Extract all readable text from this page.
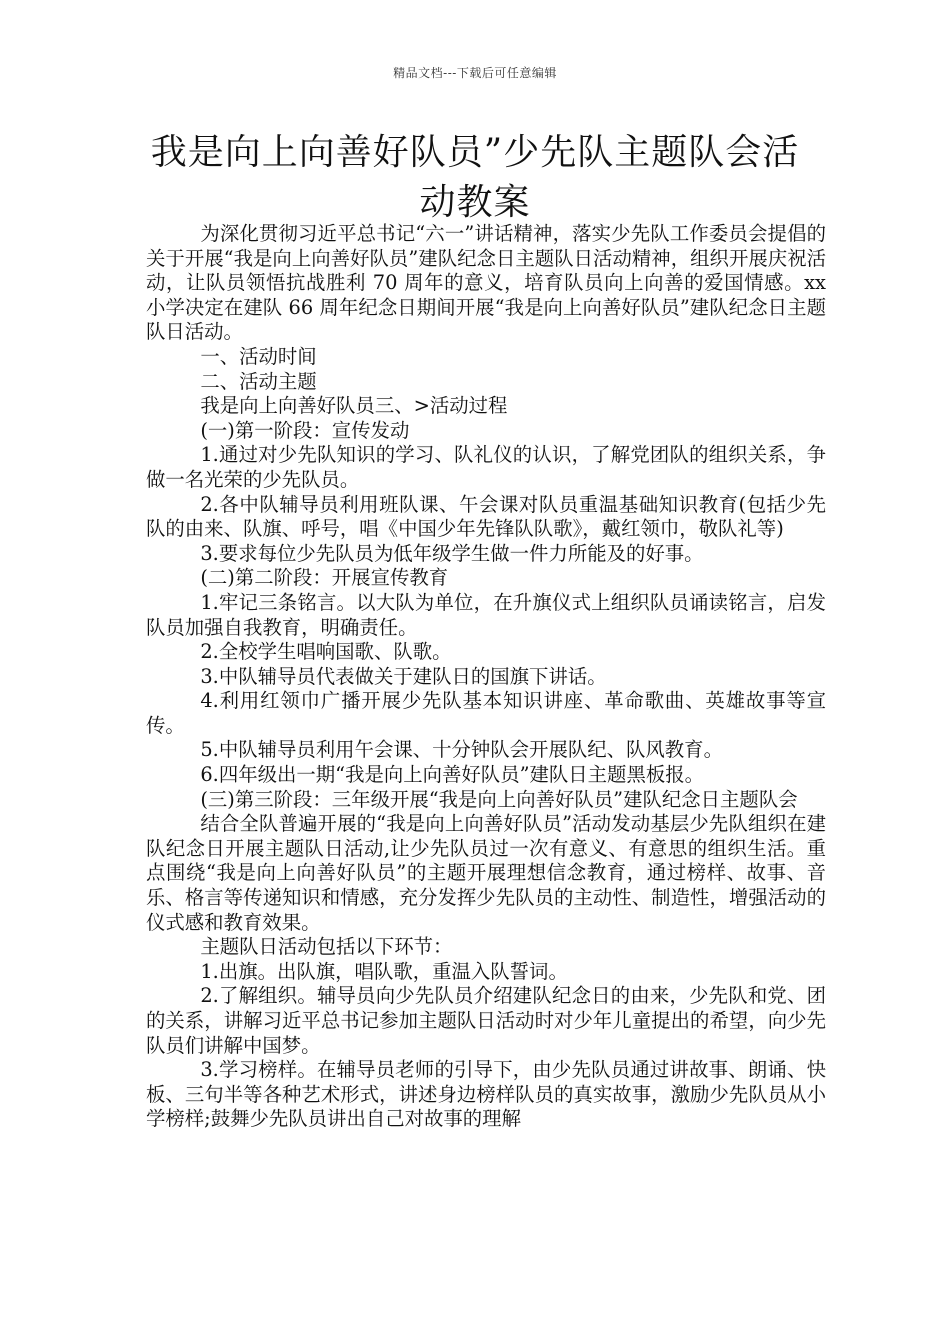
精品文档---下载后可任意编辑
我是向上向善好队员”少先队主题队会活动教案

为深化贯彻习近平总书记“六一”讲话精神，落实少先队工作委员会提倡的关于开展“我是向上向善好队员”建队纪念日主题队日活动精神，组织开展庆祝活动，让队员领悟抗战胜利 70 周年的意义，培育队员向上向善的爱国情感。xx 小学决定在建队 66 周年纪念日期间开展“我是向上向善好队员”建队纪念日主题队日活动。

一、活动时间

二、活动主题

我是向上向善好队员三、>活动过程

(一)第一阶段：宣传发动

1.通过对少先队知识的学习、队礼仪的认识，了解党团队的组织关系，争做一名光荣的少先队员。

2.各中队辅导员利用班队课、午会课对队员重温基础知识教育(包括少先队的由来、队旗、呼号，唱《中国少年先锋队队歌》，戴红领巾，敬队礼等)

3.要求每位少先队员为低年级学生做一件力所能及的好事。

(二)第二阶段：开展宣传教育

1.牢记三条铭言。以大队为单位，在升旗仪式上组织队员诵读铭言，启发队员加强自我教育，明确责任。

2.全校学生唱响国歌、队歌。

3.中队辅导员代表做关于建队日的国旗下讲话。

4.利用红领巾广播开展少先队基本知识讲座、革命歌曲、英雄故事等宣传。

5.中队辅导员利用午会课、十分钟队会开展队纪、队风教育。

6.四年级出一期“我是向上向善好队员”建队日主题黑板报。

(三)第三阶段：三年级开展“我是向上向善好队员”建队纪念日主题队会

结合全队普遍开展的“我是向上向善好队员”活动发动基层少先队组织在建队纪念日开展主题队日活动,让少先队员过一次有意义、有意思的组织生活。重点围绕“我是向上向善好队员”的主题开展理想信念教育，通过榜样、故事、音乐、格言等传递知识和情感，充分发挥少先队员的主动性、制造性，增强活动的仪式感和教育效果。

主题队日活动包括以下环节：

1.出旗。出队旗，唱队歌，重温入队誓词。

2.了解组织。辅导员向少先队员介绍建队纪念日的由来，少先队和党、团的关系，讲解习近平总书记参加主题队日活动时对少年儿童提出的希望，向少先队员们讲解中国梦。

3.学习榜样。在辅导员老师的引导下，由少先队员通过讲故事、朗诵、快板、三句半等各种艺术形式，讲述身边榜样队员的真实故事，激励少先队员从小学榜样;鼓舞少先队员讲出自己对故事的理解
